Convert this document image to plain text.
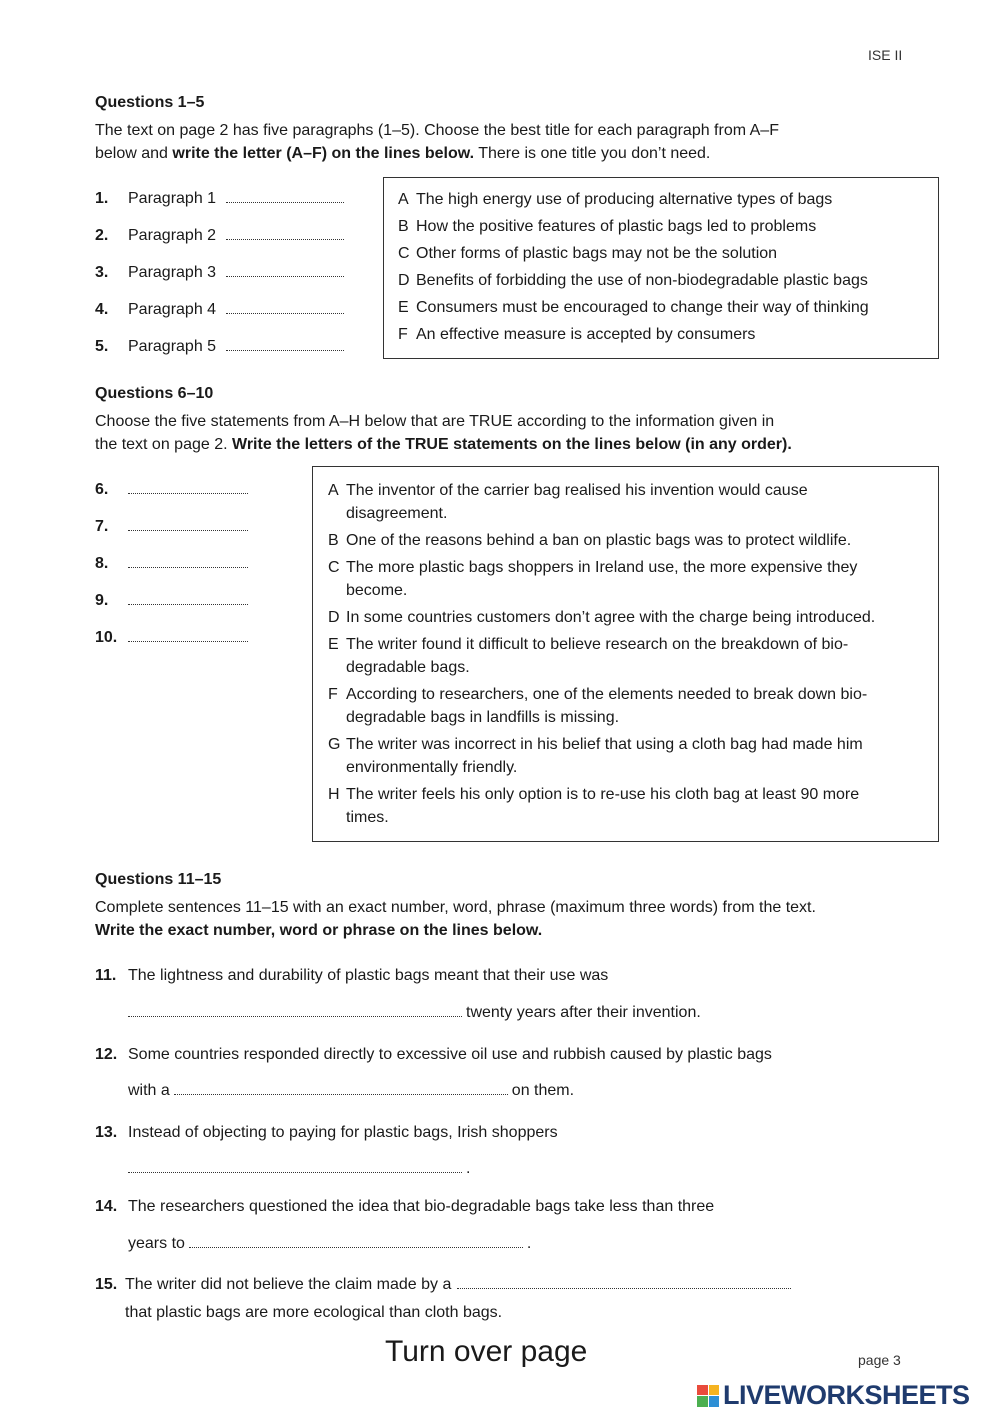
ISE II
Questions 1–5
The text on page 2 has five paragraphs (1–5). Choose the best title for each paragraph from A–F
below and write the letter (A–F) on the lines below. There is one title you don’t need.
1.	Paragraph 1
2.	Paragraph 2
3.	Paragraph 3
4.	Paragraph 4
5.	Paragraph 5
A The high energy use of producing alternative types of bags
B How the positive features of plastic bags led to problems
C Other forms of plastic bags may not be the solution
D Benefits of forbidding the use of non-biodegradable plastic bags
E Consumers must be encouraged to change their way of thinking
F An effective measure is accepted by consumers
Questions 6–10
Choose the five statements from A–H below that are TRUE according to the information given in
the text on page 2. Write the letters of the TRUE statements on the lines below (in any order).
6.
7.
8.
9.
10.
A The inventor of the carrier bag realised his invention would cause disagreement.
B One of the reasons behind a ban on plastic bags was to protect wildlife.
C The more plastic bags shoppers in Ireland use, the more expensive they become.
D In some countries customers don’t agree with the charge being introduced.
E The writer found it difficult to believe research on the breakdown of bio-degradable bags.
F According to researchers, one of the elements needed to break down bio-degradable bags in landfills is missing.
G The writer was incorrect in his belief that using a cloth bag had made him environmentally friendly.
H The writer feels his only option is to re-use his cloth bag at least 90 more times.
Questions 11–15
Complete sentences 11–15 with an exact number, word, phrase (maximum three words) from the text.
Write the exact number, word or phrase on the lines below.
11. The lightness and durability of plastic bags meant that their use was
twenty years after their invention.
12. Some countries responded directly to excessive oil use and rubbish caused by plastic bags
with a	on them.
13. Instead of objecting to paying for plastic bags, Irish shoppers
.
14. The researchers questioned the idea that bio-degradable bags take less than three
years to	.
15. The writer did not believe the claim made by a
that plastic bags are more ecological than cloth bags.
Turn over page	page 3
LIVEWORKSHEETS
